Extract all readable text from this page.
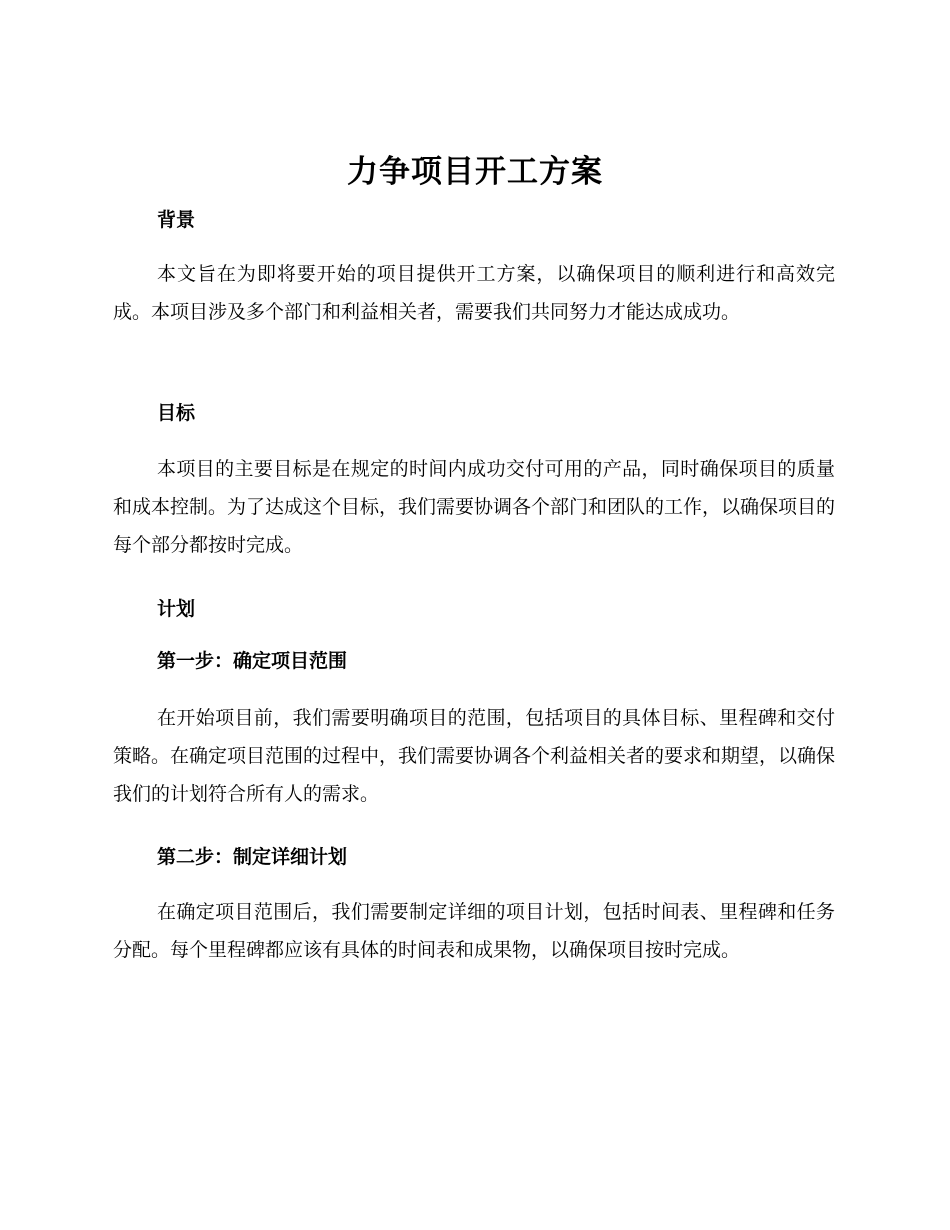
力争项目开工方案
背景

本文旨在为即将要开始的项目提供开工方案，以确保项目的顺利进行和高效完成。本项目涉及多个部门和利益相关者，需要我们共同努力才能达成成功。

目标

本项目的主要目标是在规定的时间内成功交付可用的产品，同时确保项目的质量和成本控制。为了达成这个目标，我们需要协调各个部门和团队的工作，以确保项目的每个部分都按时完成。

计划
第一步：确定项目范围

在开始项目前，我们需要明确项目的范围，包括项目的具体目标、里程碑和交付策略。在确定项目范围的过程中，我们需要协调各个利益相关者的要求和期望，以确保我们的计划符合所有人的需求。

第二步：制定详细计划

在确定项目范围后，我们需要制定详细的项目计划，包括时间表、里程碑和任务分配。每个里程碑都应该有具体的时间表和成果物，以确保项目按时完成。
